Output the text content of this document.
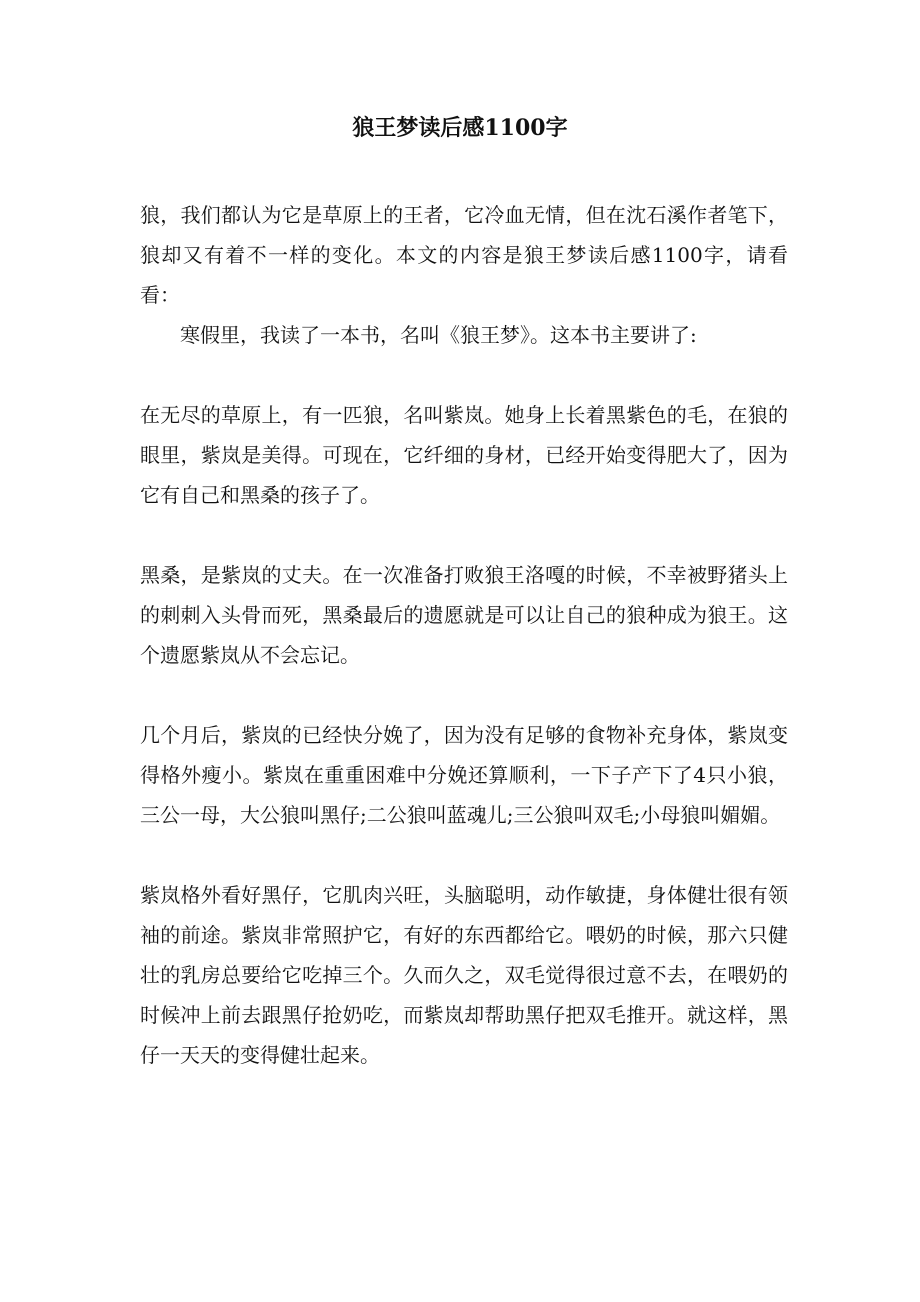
狼王梦读后感1100字

狼，我们都认为它是草原上的王者，它冷血无情，但在沈石溪作者笔下，狼却又有着不一样的变化。本文的内容是狼王梦读后感1100字，请看看：

寒假里，我读了一本书，名叫《狼王梦》。这本书主要讲了:

在无尽的草原上，有一匹狼，名叫紫岚。她身上长着黑紫色的毛，在狼的眼里，紫岚是美得。可现在，它纤细的身材，已经开始变得肥大了，因为它有自己和黑桑的孩子了。

黑桑，是紫岚的丈夫。在一次准备打败狼王洛嘎的时候，不幸被野猪头上的刺刺入头骨而死，黑桑最后的遗愿就是可以让自己的狼种成为狼王。这个遗愿紫岚从不会忘记。

几个月后，紫岚的已经快分娩了，因为没有足够的食物补充身体，紫岚变得格外瘦小。紫岚在重重困难中分娩还算顺利，一下子产下了4只小狼，三公一母，大公狼叫黑仔;二公狼叫蓝魂儿;三公狼叫双毛;小母狼叫媚媚。

紫岚格外看好黑仔，它肌肉兴旺，头脑聪明，动作敏捷，身体健壮很有领袖的前途。紫岚非常照护它，有好的东西都给它。喂奶的时候，那六只健壮的乳房总要给它吃掉三个。久而久之，双毛觉得很过意不去，在喂奶的时候冲上前去跟黑仔抢奶吃，而紫岚却帮助黑仔把双毛推开。就这样，黑仔一天天的变得健壮起来。
